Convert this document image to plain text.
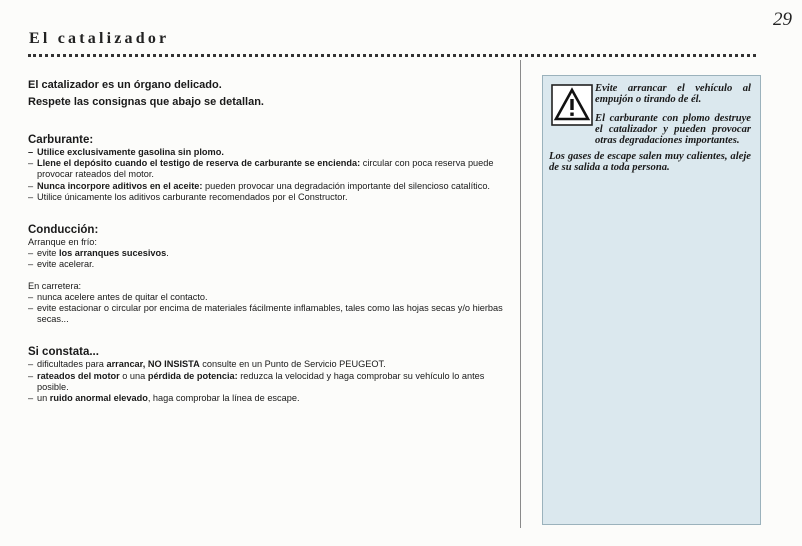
29
El catalizador

El catalizador es un órgano delicado.

Respete las consignas que abajo se detallan.

Carburante:

– Utilice exclusivamente gasolina sin plomo.

– Llene el depósito cuando el testigo de reserva de carburante se encienda: circular con poca reserva puede provocar rateados del motor.

– Nunca incorpore aditivos en el aceite: pueden provocar una degradación importante del silencioso catalítico.

– Utilice únicamente los aditivos carburante recomendados por el Constructor.

Conducción:

Arranque en frío:

– evite los arranques sucesivos.

– evite acelerar.

En carretera:

– nunca acelere antes de quitar el contacto.

– evite estacionar o circular por encima de materiales fácilmente inflamables, tales como las hojas secas y/o hierbas secas...

Si constata...

– dificultades para arrancar, NO INSISTA consulte en un Punto de Servicio PEUGEOT.

– rateados del motor o una pérdida de potencia: reduzca la velocidad y haga comprobar su vehículo lo antes posible.

– un ruido anormal elevado, haga comprobar la línea de escape.

Evite arrancar el vehículo al empujón o tirando de él.

El carburante con plomo destruye el catalizador y pueden provocar otras degradaciones importantes.

Los gases de escape salen muy calientes, aleje de su salida a toda persona.
